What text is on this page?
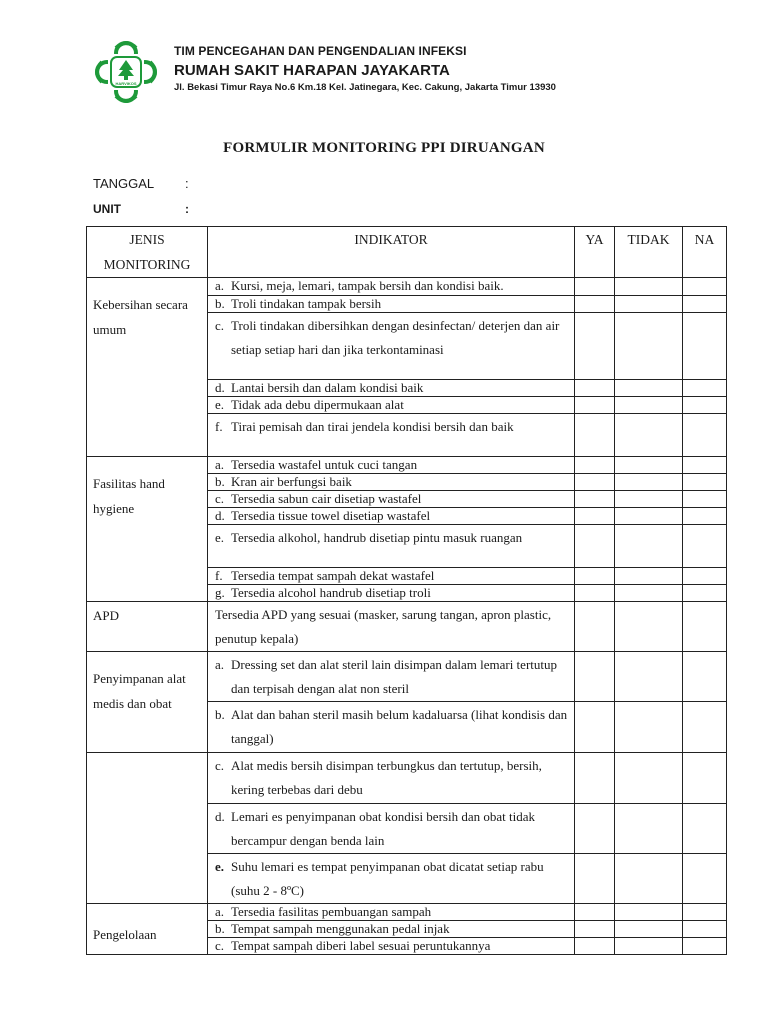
HARVIKOS
TIM PENCEGAHAN DAN PENGENDALIAN INFEKSI
RUMAH SAKIT HARAPAN JAYAKARTA
Jl. Bekasi Timur Raya No.6 Km.18 Kel. Jatinegara, Kec. Cakung, Jakarta Timur 13930
FORMULIR MONITORING PPI DIRUANGAN
TANGGAL :
UNIT	:
JENIS MONITORING	INDIKATOR	YA	TIDAK	NA
Kebersihan secara umum	a. Kursi, meja, lemari, tampak bersih dan kondisi baik.			

	b. Troli tindakan tampak bersih			

	c. Troli tindakan dibersihkan dengan desinfectan/ deterjen dan air setiap setiap hari dan jika terkontaminasi			

	d. Lantai bersih dan dalam kondisi baik			

	e. Tidak ada debu dipermukaan alat			

	f. Tirai pemisah dan tirai jendela kondisi bersih dan baik			

Fasilitas hand hygiene	a. Tersedia wastafel untuk cuci tangan			

	b. Kran air berfungsi baik			

	c. Tersedia sabun cair disetiap wastafel			

	d. Tersedia tissue towel disetiap wastafel			

	e. Tersedia alkohol, handrub disetiap pintu masuk ruangan			

	f. Tersedia tempat sampah dekat wastafel			

	g. Tersedia alcohol handrub disetiap troli			

APD	Tersedia APD yang sesuai (masker, sarung tangan, apron plastic, penutup kepala)			

Penyimpanan alat medis dan obat	a. Dressing set dan alat steril lain disimpan dalam lemari tertutup dan terpisah dengan alat non steril			

	b. Alat dan bahan steril masih belum kadaluarsa (lihat kondisis dan tanggal)			

	c. Alat medis bersih disimpan terbungkus dan tertutup, bersih, kering terbebas dari debu			

	d. Lemari es penyimpanan obat kondisi bersih dan obat tidak bercampur dengan benda lain			

	e. Suhu lemari es tempat penyimpanan obat dicatat setiap rabu (suhu 2 - 8ºC)			

Pengelolaan	a. Tersedia fasilitas pembuangan sampah			

	b. Tempat sampah menggunakan pedal injak			

	c. Tempat sampah diberi label sesuai peruntukannya			
